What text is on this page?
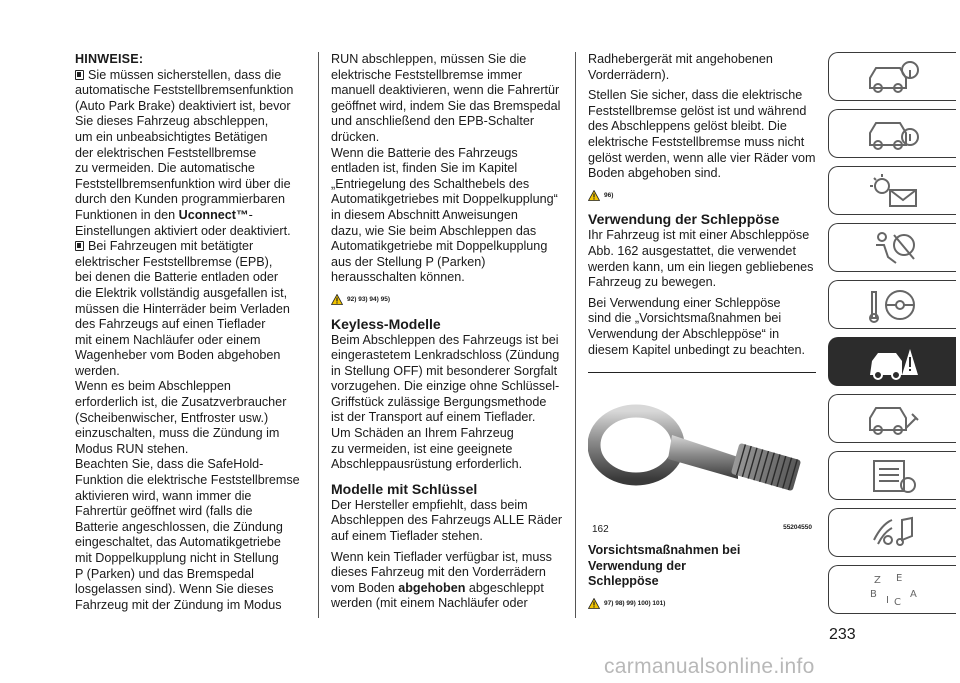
HINWEISE:

Sie müssen sicherstellen, dass die
automatische Feststellbremsenfunktion
(Auto Park Brake) deaktiviert ist, bevor
Sie dieses Fahrzeug abschleppen,
um ein unbeabsichtigtes Betätigen
der elektrischen Feststellbremse
zu vermeiden. Die automatische
Feststellbremsenfunktion wird über die
durch den Kunden programmierbaren
Funktionen in den Uconnect™-
Einstellungen aktiviert oder deaktiviert.

Bei Fahrzeugen mit betätigter
elektrischer Feststellbremse (EPB),
bei denen die Batterie entladen oder
die Elektrik vollständig ausgefallen ist,
müssen die Hinterräder beim Verladen
des Fahrzeugs auf einen Tieflader
mit einem Nachläufer oder einem
Wagenheber vom Boden abgehoben
werden.

Wenn es beim Abschleppen
erforderlich ist, die Zusatzverbraucher
(Scheibenwischer, Entfroster usw.)
einzuschalten, muss die Zündung im
Modus RUN stehen.

Beachten Sie, dass die SafeHold-
Funktion die elektrische Feststellbremse
aktivieren wird, wann immer die
Fahrertür geöffnet wird (falls die
Batterie angeschlossen, die Zündung
eingeschaltet, das Automatikgetriebe
mit Doppelkupplung nicht in Stellung
P (Parken) und das Bremspedal
losgelassen sind). Wenn Sie dieses
Fahrzeug mit der Zündung im Modus

RUN abschleppen, müssen Sie die
elektrische Feststellbremse immer
manuell deaktivieren, wenn die Fahrertür
geöffnet wird, indem Sie das Bremspedal
und anschließend den EPB-Schalter
drücken.

Wenn die Batterie des Fahrzeugs
entladen ist, finden Sie im Kapitel
„Entriegelung des Schalthebels des
Automatikgetriebes mit Doppelkupplung“
in diesem Abschnitt Anweisungen
dazu, wie Sie beim Abschleppen das
Automatikgetriebe mit Doppelkupplung
aus der Stellung P (Parken)
herausschalten können.

92) 93) 94) 95)

Keyless-Modelle

Beim Abschleppen des Fahrzeugs ist bei
eingerastetem Lenkradschloss (Zündung
in Stellung OFF) mit besonderer Sorgfalt
vorzugehen. Die einzige ohne Schlüssel-
Griffstück zulässige Bergungsmethode
ist der Transport auf einem Tieflader.
Um Schäden an Ihrem Fahrzeug
zu vermeiden, ist eine geeignete
Abschleppausrüstung erforderlich.

Modelle mit Schlüssel

Der Hersteller empfiehlt, dass beim
Abschleppen des Fahrzeugs ALLE Räder
auf einem Tieflader stehen.

Wenn kein Tieflader verfügbar ist, muss
dieses Fahrzeug mit den Vorderrädern
vom Boden abgehoben abgeschleppt
werden (mit einem Nachläufer oder

Radhebergerät mit angehobenen
Vorderrädern).

Stellen Sie sicher, dass die elektrische
Feststellbremse gelöst ist und während
des Abschleppens gelöst bleibt. Die
elektrische Feststellbremse muss nicht
gelöst werden, wenn alle vier Räder vom
Boden abgehoben sind.

96)

Verwendung der Schleppöse

Ihr Fahrzeug ist mit einer Abschleppöse
Abb. 162 ausgestattet, die verwendet
werden kann, um ein liegen gebliebenes
Fahrzeug zu bewegen.

Bei Verwendung einer Schleppöse
sind die „Vorsichtsmaßnahmen bei
Verwendung der Abschleppöse“ in
diesem Kapitel unbedingt zu beachten.

162	55204550

Vorsichtsmaßnahmen bei Verwendung der
Schleppöse

97) 98) 99) 100) 101)
Z E
B
I C
A
233
carmanualsonline.info
